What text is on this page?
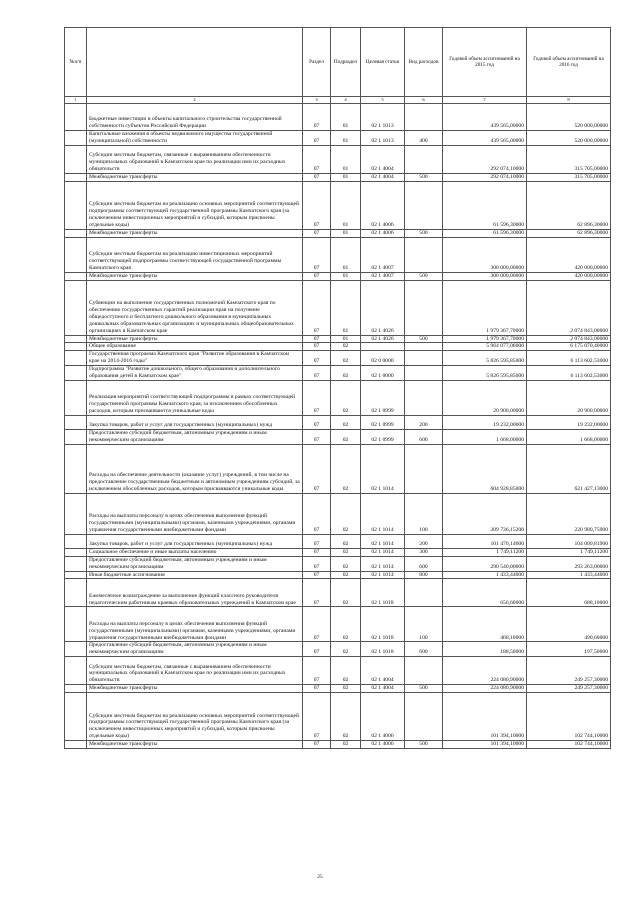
№п/п		Раздел	Подраздел	Целевая статья	Вид расходов	Годовой объем ассигнований на 2015 год	Годовой объем ассигнований на 2016 год
1	2	3	4	5	6	7	8
	Бюджетные инвестиции в объекты капитального строительства государственной собственности субъектов Российской Федерации	07	01	02 1 1013		439 565,00000	520 000,00000
	Капитальные вложения в объекты недвижимого имущества государственной (муниципальной) собственности	07	01	02 1 1013	400	439 565,00000	520 000,00000
	Субсидии местным бюджетам, связанные с выравниванием обеспеченности муниципальных образований в Камчатском крае по реализации ими их расходных обязательств	07	01	02 1 4004		292 074,10000	315 705,00000
	Межбюджетные трансферты	07	01	02 1 4004	500	292 074,10000	315 705,00000
	Субсидии местным бюджетам на реализацию основных мероприятий соответствующей подпрограммы соответствующей государственной программы Камчатского края (за исключением инвестиционных мероприятий и субсидий, которым присвоены отдельные коды)	07	01	02 1 4006		61 596,30000	62 896,30000
	Межбюджетные трансферты	07	01	02 1 4006	500	61 596,30000	62 896,30000
	Субсидии местным бюджетам на реализацию инвестиционных мероприятий соответствующей подпрограммы соответствующей государственной программы Камчатского края	07	01	02 1 4007		300 000,00000	420 000,00000
	Межбюджетные трансферты	07	01	02 1 4007	500	300 000,00000	420 000,00000
	Субвенции на выполнение государственных полномочий Камчатского края по обеспечению государственных гарантий реализации прав на получение общедоступного и бесплатного дошкольного образования в муниципальных дошкольных образовательных организациях и муниципальных общеобразовательных организациях в Камчатском крае	07	01	02 1 4026		1 979 367,70000	2 074 843,00000
	Межбюджетные трансферты	07	01	02 1 4026	500	1 979 367,70000	2 074 843,00000
	Общее образование	07	02			5 964 077,06000	6 175 070,40000
	Государственная программа Камчатского края "Развитие образования в Камчатском крае на 2014-2016 годы"	07	02	02 0 0000		5 826 595,85000	6 113 602,53000
	Подпрограмма "Развитие дошкольного, общего образования и дополнительного образования детей в Камчатском крае"	07	02	02 1 0000		5 826 595,85000	6 113 602,53000
	Реализация мероприятий соответствующей подпрограммы в рамках соответствующей государственной программы Камчатского края, за исключением обособленных расходов, которым присваиваются уникальные коды	07	02	02 1 0999		20 900,00000	20 900,00000
	Закупка товаров, работ и услуг для государственных (муниципальных) нужд	07	02	02 1 0999	200	19 232,00000	19 232,00000
	Предоставление субсидий бюджетным, автономным учреждениям и иным некоммерческим организациям	07	02	02 1 0999	600	1 668,00000	1 668,00000
	Расходы на обеспечение деятельности (оказание услуг) учреждений, в том числе на предоставление государственным бюджетным и автономным учреждениям субсидий, за исключением обособленных расходов, которым присваиваются уникальные коды	07	02	02 1 1014		604 928,85000	621 427,13000
	Расходы на выплаты персоналу в целях обеспечения выполнения функций государственными (муниципальными) органами, казенными учреждениями, органами управления государственными внебюджетными фондами	07	02	02 1 1014	100	209 736,15200	220 980,75900
	Закупка товаров, работ и услуг для государственных (муниципальных) нужд	07	02	02 1 1014	200	101 470,14600	104 000,81900
	Социальное обеспечение и иные выплаты населению	07	02	02 1 1014	300	1 749,11200	1 749,11200
	Предоставление субсидий бюджетным, автономным учреждениям и иным некоммерческим организациям	07	02	02 1 1014	600	290 540,00000	293 263,00000
	Иные бюджетные ассигнования	07	02	02 1 1014	800	1 433,44000	1 433,44000
	Ежемесячное вознаграждение за выполнение функций классного руководителя педагогическим работникам краевых образовательных учреждений в Камчатском крае	07	02	02 1 1018		656,60000	688,10000
	Расходы на выплаты персоналу в целях обеспечения выполнения функций государственными (муниципальными) органами, казенными учреждениями, органами управления государственными внебюджетными фондами	07	02	02 1 1018	100	468,10000	490,60000
	Предоставление субсидий бюджетным, автономным учреждениям и иным некоммерческим организациям	07	02	02 1 1018	600	188,50000	197,50000
	Субсидии местным бюджетам, связанные с выравниванием обеспеченности муниципальных образований в Камчатском крае по реализации ими их расходных обязательств	07	02	02 1 4004		224 080,90000	249 257,30000
	Межбюджетные трансферты	07	02	02 1 4004	500	224 080,90000	249 257,30000
	Субсидии местным бюджетам на реализацию основных мероприятий соответствующей подпрограммы соответствующей государственной программы Камчатского края (за исключением инвестиционных мероприятий и субсидий, которым присвоены отдельные коды)	07	02	02 1 4006		101 394,10000	102 744,10000
	Межбюджетные трансферты	07	02	02 1 4006	500	101 394,10000	102 744,10000
25
